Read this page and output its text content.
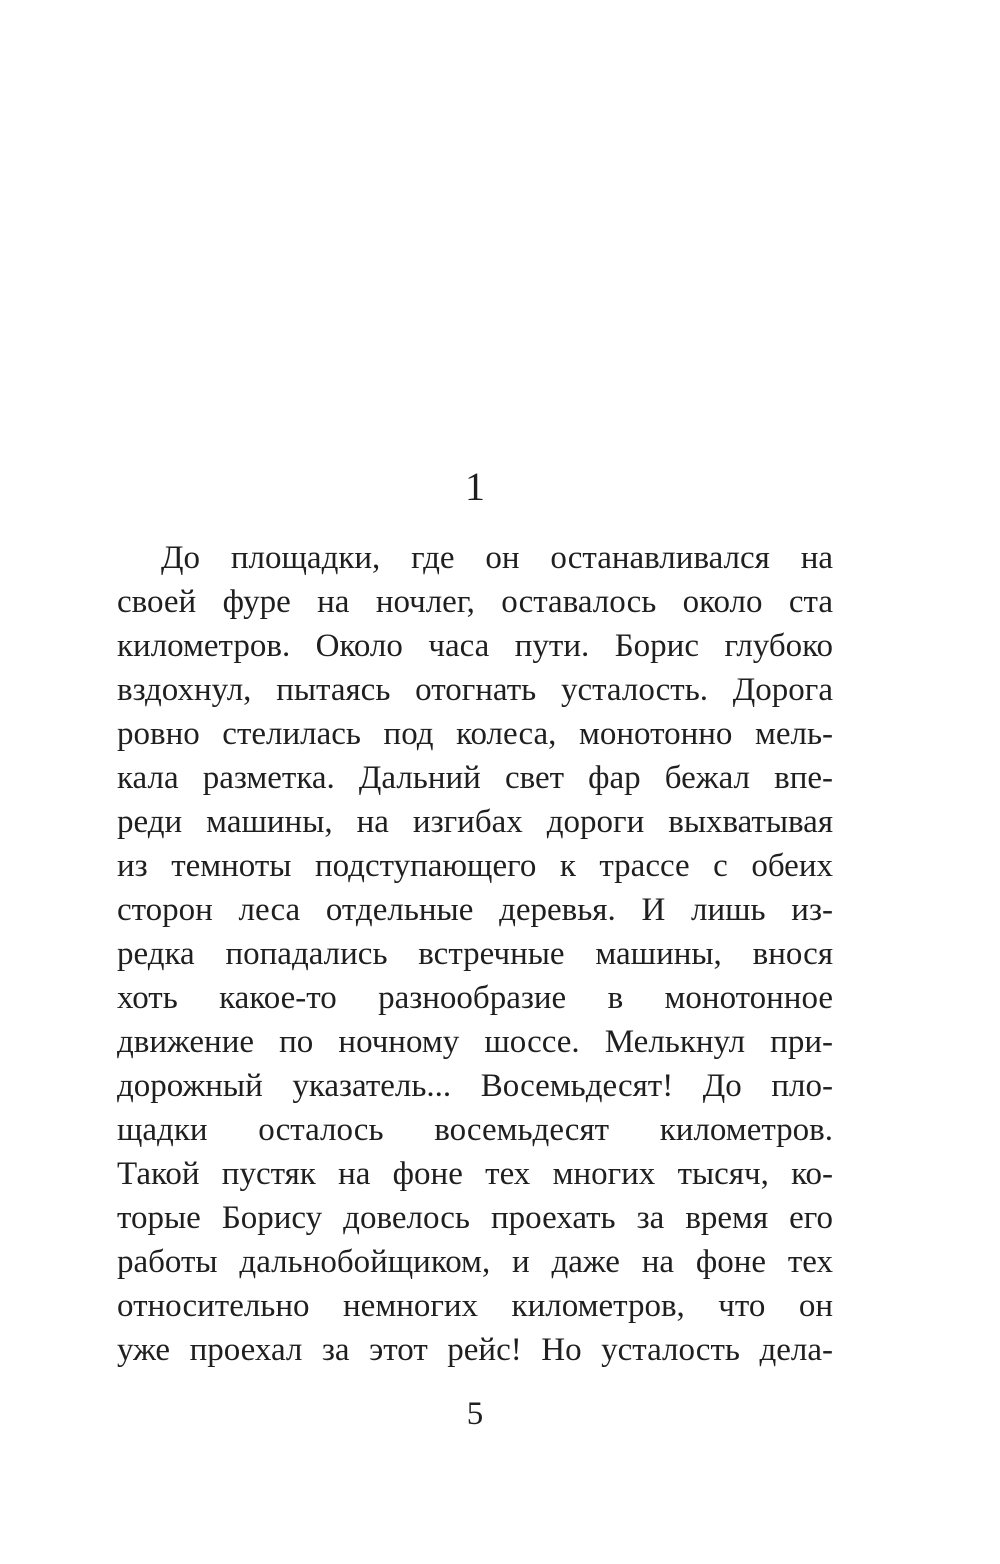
1
До площадки, где он останавливался на
своей фуре на ночлег, оставалось около ста
километров. Около часа пути. Борис глубоко
вздохнул, пытаясь отогнать усталость. Дорога
ровно стелилась под колеса, монотонно мель-
кала разметка. Дальний свет фар бежал впе-
реди машины, на изгибах дороги выхватывая
из темноты подступающего к трассе с обеих
сторон леса отдельные деревья. И лишь из-
редка попадались встречные машины, внося
хоть какое-то разнообразие в монотонное
движение по ночному шоссе. Мелькнул при-
дорожный указатель... Восемьдесят! До пло-
щадки осталось восемьдесят километров.
Такой пустяк на фоне тех многих тысяч, ко-
торые Борису довелось проехать за время его
работы дальнобойщиком, и даже на фоне тех
относительно немногих километров, что он
уже проехал за этот рейс! Но усталость дела-
5
